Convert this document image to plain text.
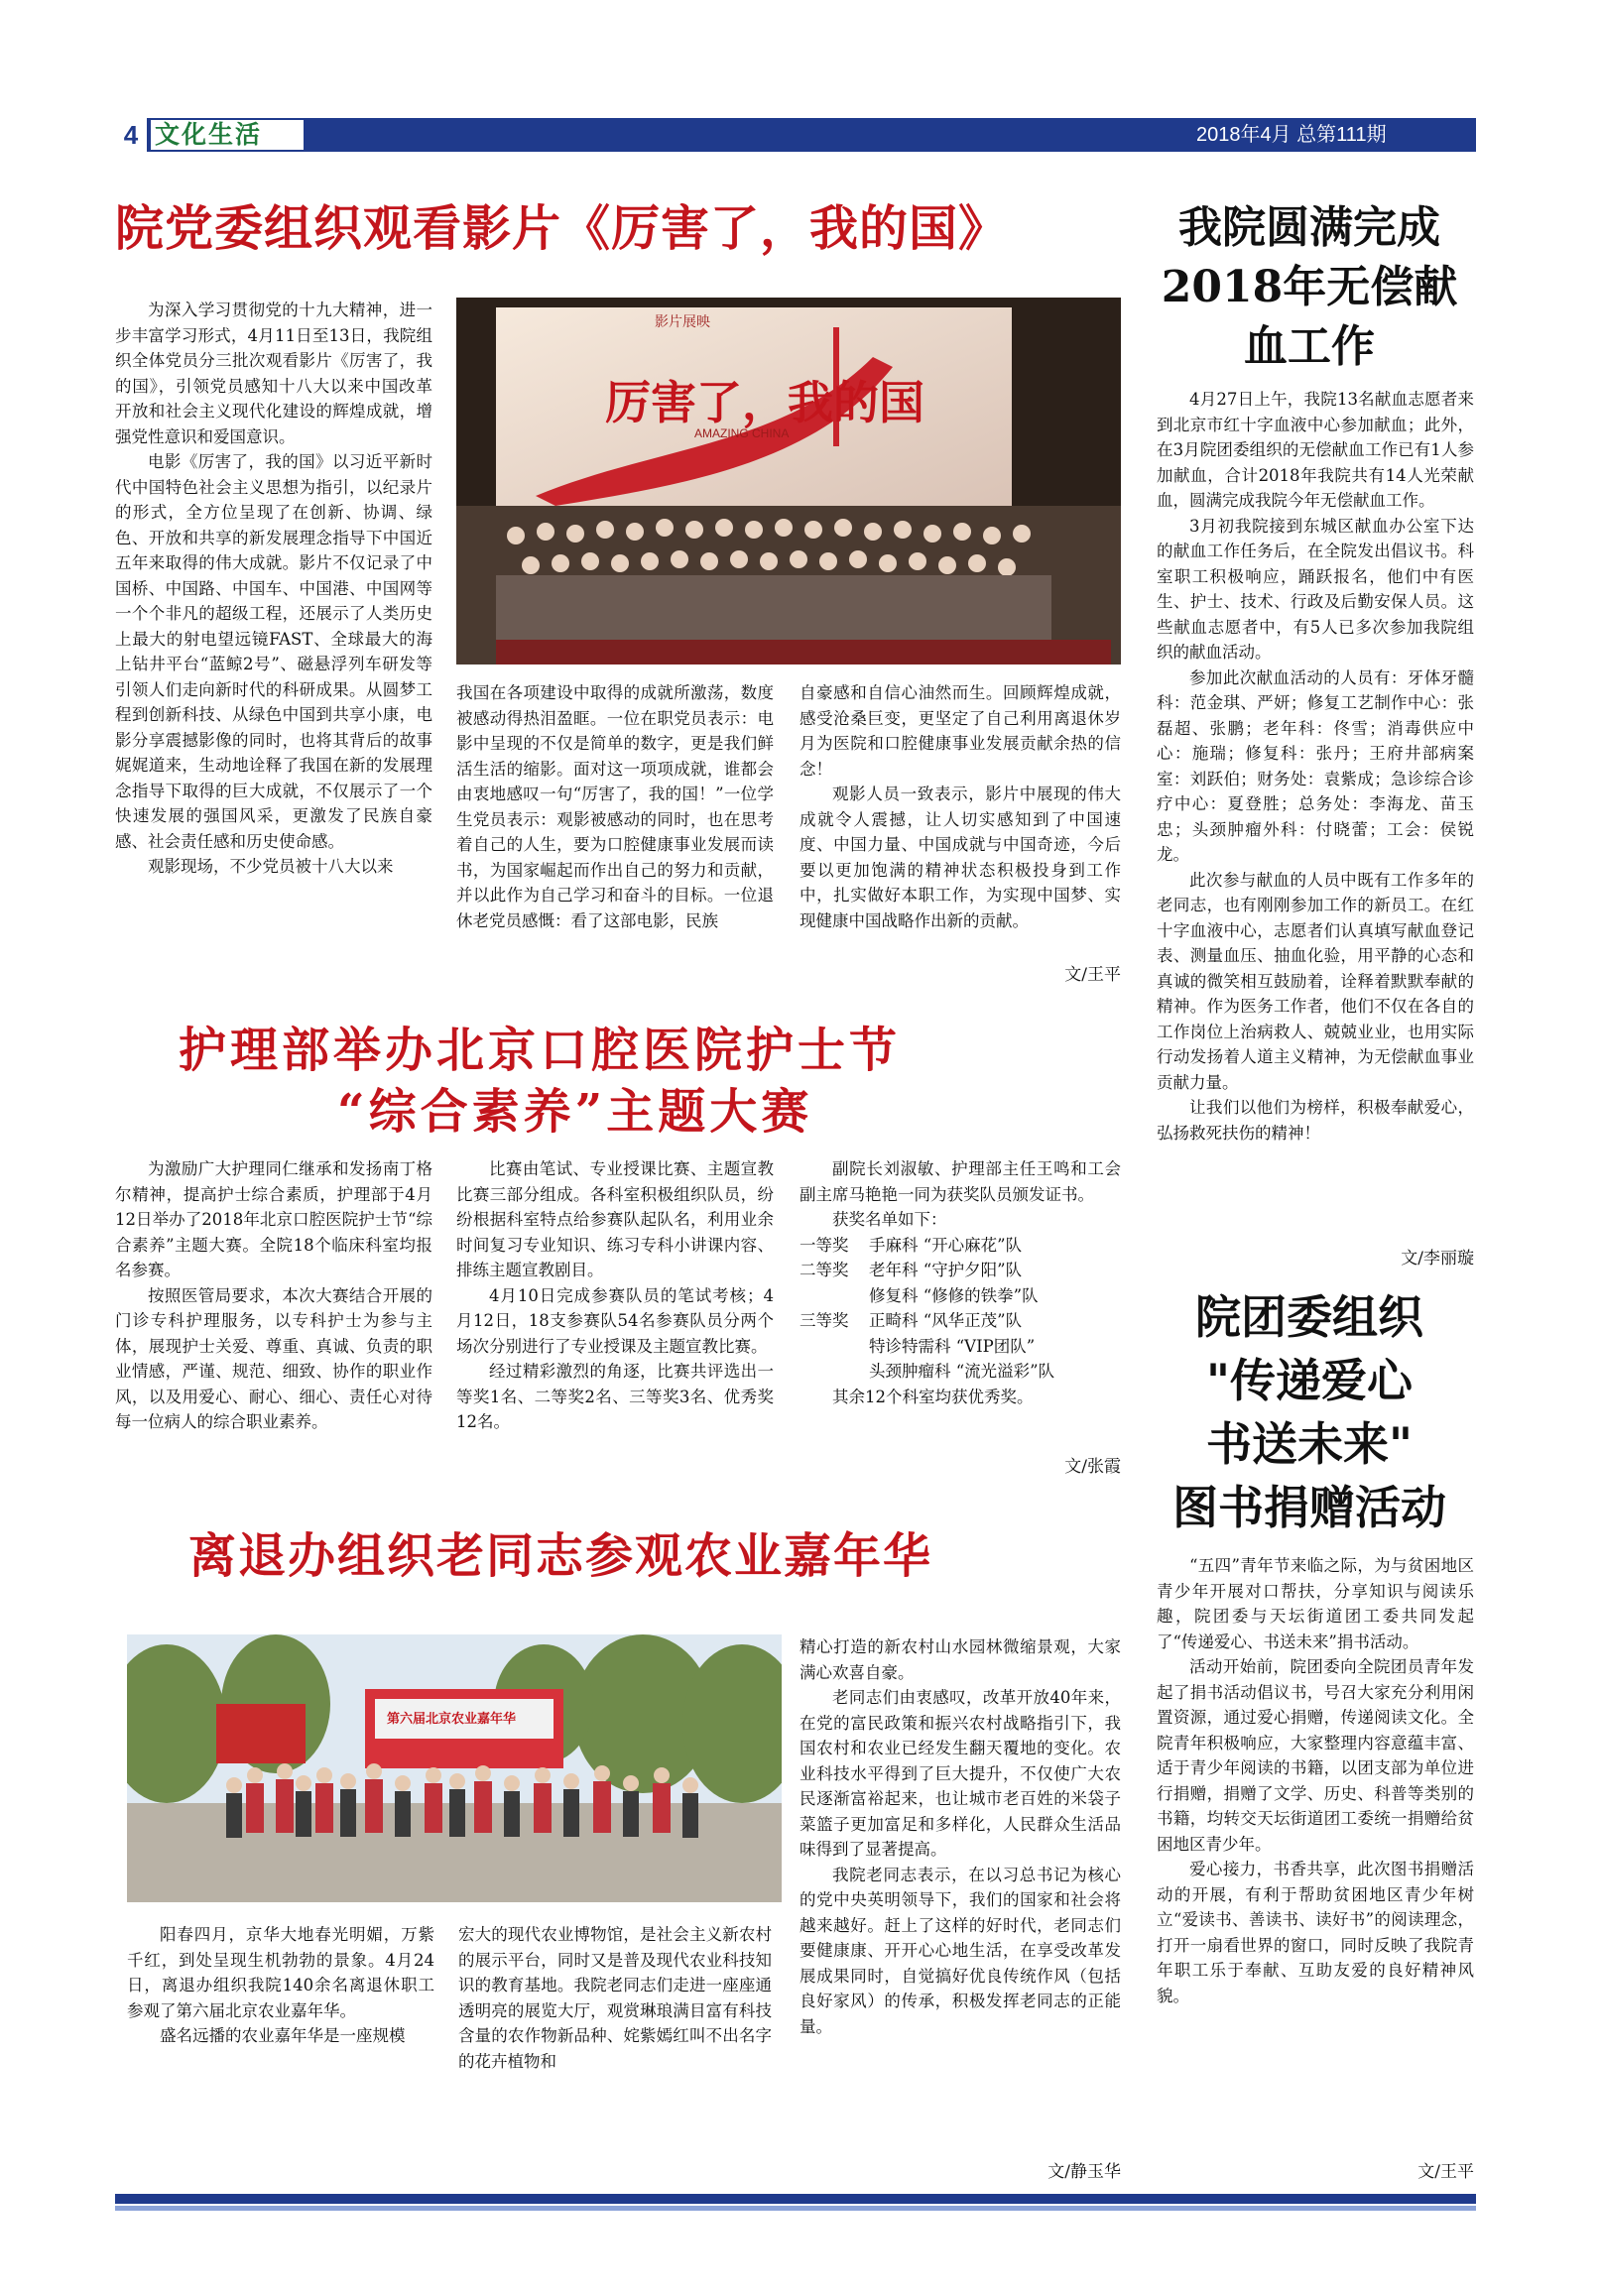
4 文化生活	2018年4月 总第111期
院党委组织观看影片《厉害了，我的国》

为深入学习贯彻党的十九大精神，进一步丰富学习形式，4月11日至13日，我院组织全体党员分三批次观看影片《厉害了，我的国》，引领党员感知十八大以来中国改革开放和社会主义现代化建设的辉煌成就，增强党性意识和爱国意识。

电影《厉害了，我的国》以习近平新时代中国特色社会主义思想为指引，以纪录片的形式，全方位呈现了在创新、协调、绿色、开放和共享的新发展理念指导下中国近五年来取得的伟大成就。影片不仅记录了中国桥、中国路、中国车、中国港、中国网等一个个非凡的超级工程，还展示了人类历史上最大的射电望远镜FAST、全球最大的海上钻井平台“蓝鲸2号”、磁悬浮列车研发等引领人们走向新时代的科研成果。从圆梦工程到创新科技、从绿色中国到共享小康，电影分享震撼影像的同时，也将其背后的故事娓娓道来，生动地诠释了我国在新的发展理念指导下取得的巨大成就，不仅展示了一个快速发展的强国风采，更激发了民族自豪感、社会责任感和历史使命感。

观影现场，不少党员被十八大以来

影片展映
厉害了，我的国
AMAZING CHINA

我国在各项建设中取得的成就所激荡，数度被感动得热泪盈眶。一位在职党员表示：电影中呈现的不仅是简单的数字，更是我们鲜活生活的缩影。面对这一项项成就，谁都会由衷地感叹一句“厉害了，我的国！”一位学生党员表示：观影被感动的同时，也在思考着自己的人生，要为口腔健康事业发展而读书，为国家崛起而作出自己的努力和贡献，并以此作为自己学习和奋斗的目标。一位退休老党员感慨：看了这部电影，民族

自豪感和自信心油然而生。回顾辉煌成就，感受沧桑巨变，更坚定了自己利用离退休岁月为医院和口腔健康事业发展贡献余热的信念！

观影人员一致表示，影片中展现的伟大成就令人震撼，让人切实感知到了中国速度、中国力量、中国成就与中国奇迹，今后要以更加饱满的精神状态积极投身到工作中，扎实做好本职工作，为实现中国梦、实现健康中国战略作出新的贡献。

文/王平
护理部举办北京口腔医院护士节
“综合素养”主题大赛

为激励广大护理同仁继承和发扬南丁格尔精神，提高护士综合素质，护理部于4月12日举办了2018年北京口腔医院护士节“综合素养”主题大赛。全院18个临床科室均报名参赛。

按照医管局要求，本次大赛结合开展的门诊专科护理服务，以专科护士为参与主体，展现护士关爱、尊重、真诚、负责的职业情感，严谨、规范、细致、协作的职业作风，以及用爱心、耐心、细心、责任心对待每一位病人的综合职业素养。

比赛由笔试、专业授课比赛、主题宣教比赛三部分组成。各科室积极组织队员，纷纷根据科室特点给参赛队起队名，利用业余时间复习专业知识、练习专科小讲课内容、排练主题宣教剧目。

4月10日完成参赛队员的笔试考核；4月12日，18支参赛队54名参赛队员分两个场次分别进行了专业授课及主题宣教比赛。

经过精彩激烈的角逐，比赛共评选出一等奖1名、二等奖2名、三等奖3名、优秀奖12名。

副院长刘淑敏、护理部主任王鸣和工会副主席马艳艳一同为获奖队员颁发证书。

获奖名单如下：

一等奖	手麻科 “开心麻花”队
二等奖	老年科 “守护夕阳”队
修复科 “修修的铁拳”队
三等奖	正畸科 “风华正茂”队
特诊特需科 “VIP团队”
头颈肿瘤科 “流光溢彩”队

其余12个科室均获优秀奖。

文/张霞
离退办组织老同志参观农业嘉年华
第六届北京农业嘉年华

阳春四月，京华大地春光明媚，万紫千红，到处呈现生机勃勃的景象。4月24日，离退办组织我院140余名离退休职工参观了第六届北京农业嘉年华。

盛名远播的农业嘉年华是一座规模

宏大的现代农业博物馆，是社会主义新农村的展示平台，同时又是普及现代农业科技知识的教育基地。我院老同志们走进一座座通透明亮的展览大厅，观赏琳琅满目富有科技含量的农作物新品种、姹紫嫣红叫不出名字的花卉植物和

精心打造的新农村山水园林微缩景观，大家满心欢喜自豪。

老同志们由衷感叹，改革开放40年来，在党的富民政策和振兴农村战略指引下，我国农村和农业已经发生翻天覆地的变化。农业科技水平得到了巨大提升，不仅使广大农民逐渐富裕起来，也让城市老百姓的米袋子菜篮子更加富足和多样化，人民群众生活品味得到了显著提高。

我院老同志表示，在以习总书记为核心的党中央英明领导下，我们的国家和社会将越来越好。赶上了这样的好时代，老同志们要健康康、开开心心地生活，在享受改革发展成果同时，自觉搞好优良传统作风（包括良好家风）的传承，积极发挥老同志的正能量。

文/静玉华
我院圆满完成
2018年无偿献
血工作

4月27日上午，我院13名献血志愿者来到北京市红十字血液中心参加献血；此外，在3月院团委组织的无偿献血工作已有1人参加献血，合计2018年我院共有14人光荣献血，圆满完成我院今年无偿献血工作。

3月初我院接到东城区献血办公室下达的献血工作任务后，在全院发出倡议书。科室职工积极响应，踊跃报名，他们中有医生、护士、技术、行政及后勤安保人员。这些献血志愿者中，有5人已多次参加我院组织的献血活动。

参加此次献血活动的人员有：牙体牙髓科：范金琪、严妍；修复工艺制作中心：张磊超、张鹏；老年科：佟雪；消毒供应中心：施瑞；修复科：张丹；王府井部病案室：刘跃伯；财务处：袁紫成；急诊综合诊疗中心：夏登胜；总务处：李海龙、苗玉忠；头颈肿瘤外科：付晓蕾；工会：侯锐龙。

此次参与献血的人员中既有工作多年的老同志，也有刚刚参加工作的新员工。在红十字血液中心，志愿者们认真填写献血登记表、测量血压、抽血化验，用平静的心态和真诚的微笑相互鼓励着，诠释着默默奉献的精神。作为医务工作者，他们不仅在各自的工作岗位上治病救人、兢兢业业，也用实际行动发扬着人道主义精神，为无偿献血事业贡献力量。

让我们以他们为榜样，积极奉献爱心，弘扬救死扶伤的精神！

文/李丽璇
院团委组织
"传递爱心
书送未来"
图书捐赠活动

“五四”青年节来临之际，为与贫困地区青少年开展对口帮扶，分享知识与阅读乐趣，院团委与天坛街道团工委共同发起了“传递爱心、书送未来”捐书活动。

活动开始前，院团委向全院团员青年发起了捐书活动倡议书，号召大家充分利用闲置资源，通过爱心捐赠，传递阅读文化。全院青年积极响应，大家整理内容意蕴丰富、适于青少年阅读的书籍，以团支部为单位进行捐赠，捐赠了文学、历史、科普等类别的书籍，均转交天坛街道团工委统一捐赠给贫困地区青少年。

爱心接力，书香共享，此次图书捐赠活动的开展，有利于帮助贫困地区青少年树立“爱读书、善读书、读好书”的阅读理念，打开一扇看世界的窗口，同时反映了我院青年职工乐于奉献、互助友爱的良好精神风貌。

文/王平
